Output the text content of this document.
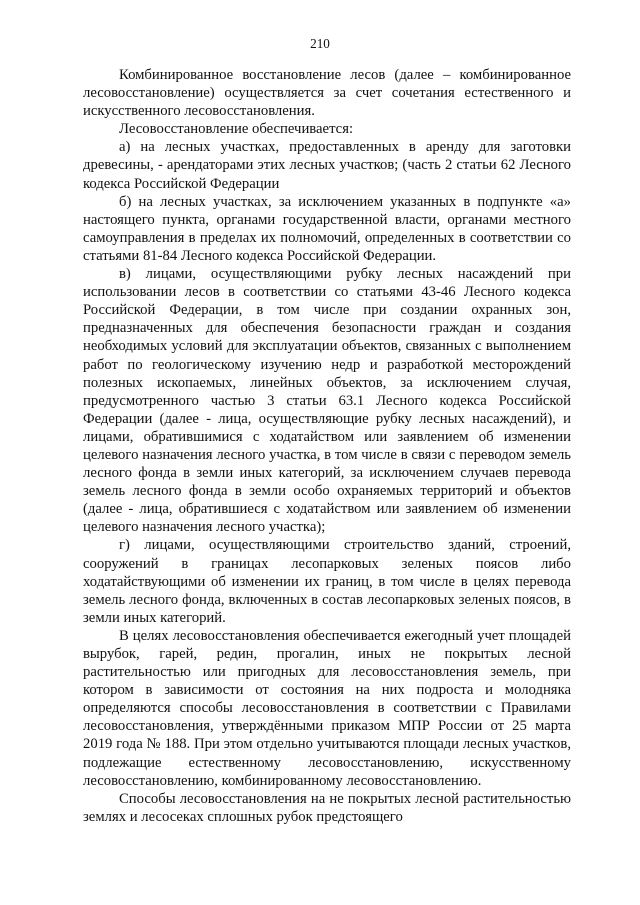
210

Комбинированное восстановление лесов (далее – комбинированное лесовосстановление) осуществляется за счет сочетания естественного и искусственного лесовосстановления.

Лесовосстановление обеспечивается:

а) на лесных участках, предоставленных в аренду для заготовки древесины, - арендаторами этих лесных участков; (часть 2 статьи 62 Лесного кодекса Российской Федерации

б) на лесных участках, за исключением указанных в подпункте «а» настоящего пункта, органами государственной власти, органами местного самоуправления в пределах их полномочий, определенных в соответствии со статьями 81-84 Лесного кодекса Российской Федерации.

в) лицами, осуществляющими рубку лесных насаждений при использовании лесов в соответствии со статьями 43-46 Лесного кодекса Российской Федерации, в том числе при создании охранных зон, предназначенных для обеспечения безопасности граждан и создания необходимых условий для эксплуатации объектов, связанных с выполнением работ по геологическому изучению недр и разработкой месторождений полезных ископаемых, линейных объектов, за исключением случая, предусмотренного частью 3 статьи 63.1 Лесного кодекса Российской Федерации (далее - лица, осуществляющие рубку лесных насаждений), и лицами, обратившимися с ходатайством или заявлением об изменении целевого назначения лесного участка, в том числе в связи с переводом земель лесного фонда в земли иных категорий, за исключением случаев перевода земель лесного фонда в земли особо охраняемых территорий и объектов (далее - лица, обратившиеся с ходатайством или заявлением об изменении целевого назначения лесного участка);

г) лицами, осуществляющими строительство зданий, строений, сооружений в границах лесопарковых зеленых поясов либо ходатайствующими об изменении их границ, в том числе в целях перевода земель лесного фонда, включенных в состав лесопарковых зеленых поясов, в земли иных категорий.

В целях лесовосстановления обеспечивается ежегодный учет площадей вырубок, гарей, редин, прогалин, иных не покрытых лесной растительностью или пригодных для лесовосстановления земель, при котором в зависимости от состояния на них подроста и молодняка определяются способы лесовосстановления в соответствии с Правилами лесовосстановления, утверждёнными приказом МПР России от 25 марта 2019 года № 188. При этом отдельно учитываются площади лесных участков, подлежащие естественному лесовосстановлению, искусственному лесовосстановлению, комбинированному лесовосстановлению.

Способы лесовосстановления на не покрытых лесной растительностью землях и лесосеках сплошных рубок предстоящего
